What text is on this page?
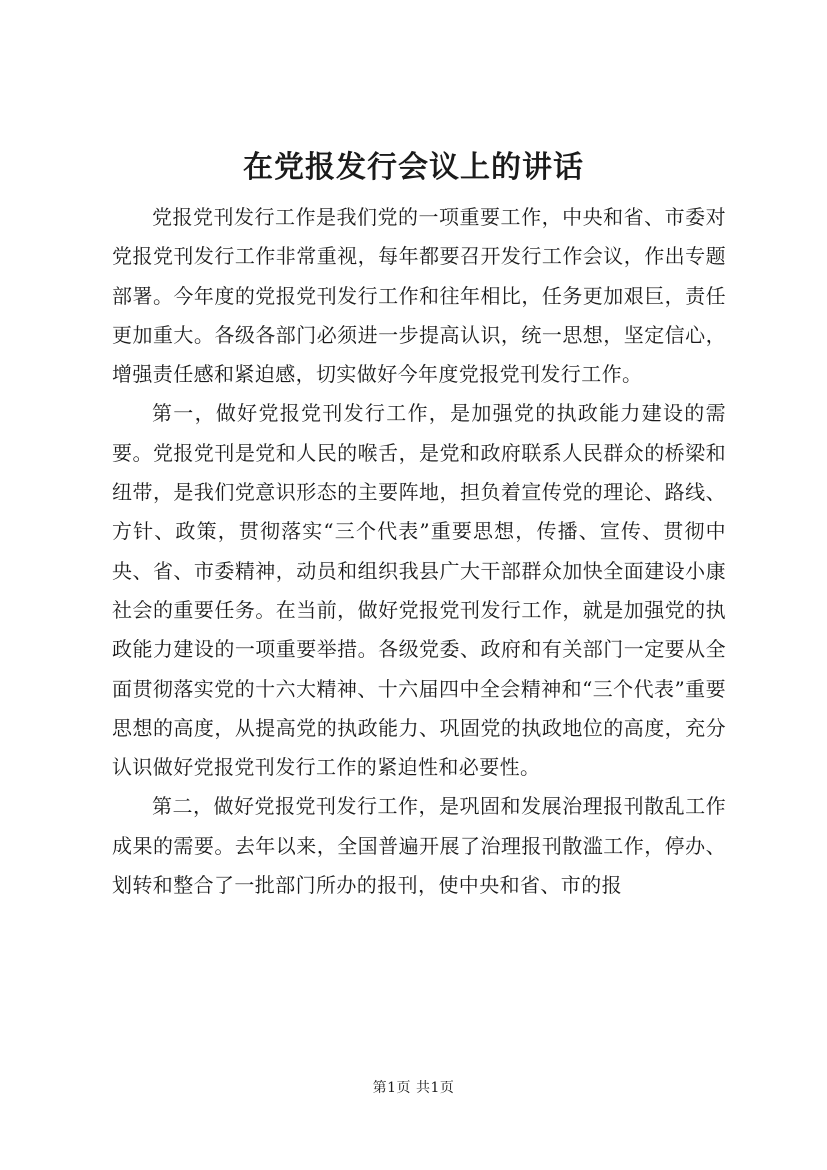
在党报发行会议上的讲话

党报党刊发行工作是我们党的一项重要工作，中央和省、市委对党报党刊发行工作非常重视，每年都要召开发行工作会议，作出专题部署。今年度的党报党刊发行工作和往年相比，任务更加艰巨，责任更加重大。各级各部门必须进一步提高认识，统一思想，坚定信心，增强责任感和紧迫感，切实做好今年度党报党刊发行工作。

第一，做好党报党刊发行工作，是加强党的执政能力建设的需要。党报党刊是党和人民的喉舌，是党和政府联系人民群众的桥梁和纽带，是我们党意识形态的主要阵地，担负着宣传党的理论、路线、方针、政策，贯彻落实“三个代表”重要思想，传播、宣传、贯彻中央、省、市委精神，动员和组织我县广大干部群众加快全面建设小康社会的重要任务。在当前，做好党报党刊发行工作，就是加强党的执政能力建设的一项重要举措。各级党委、政府和有关部门一定要从全面贯彻落实党的十六大精神、十六届四中全会精神和“三个代表”重要思想的高度，从提高党的执政能力、巩固党的执政地位的高度，充分认识做好党报党刊发行工作的紧迫性和必要性。

第二，做好党报党刊发行工作，是巩固和发展治理报刊散乱工作成果的需要。去年以来，全国普遍开展了治理报刊散滥工作，停办、划转和整合了一批部门所办的报刊，使中央和省、市的报

第1页 共1页
